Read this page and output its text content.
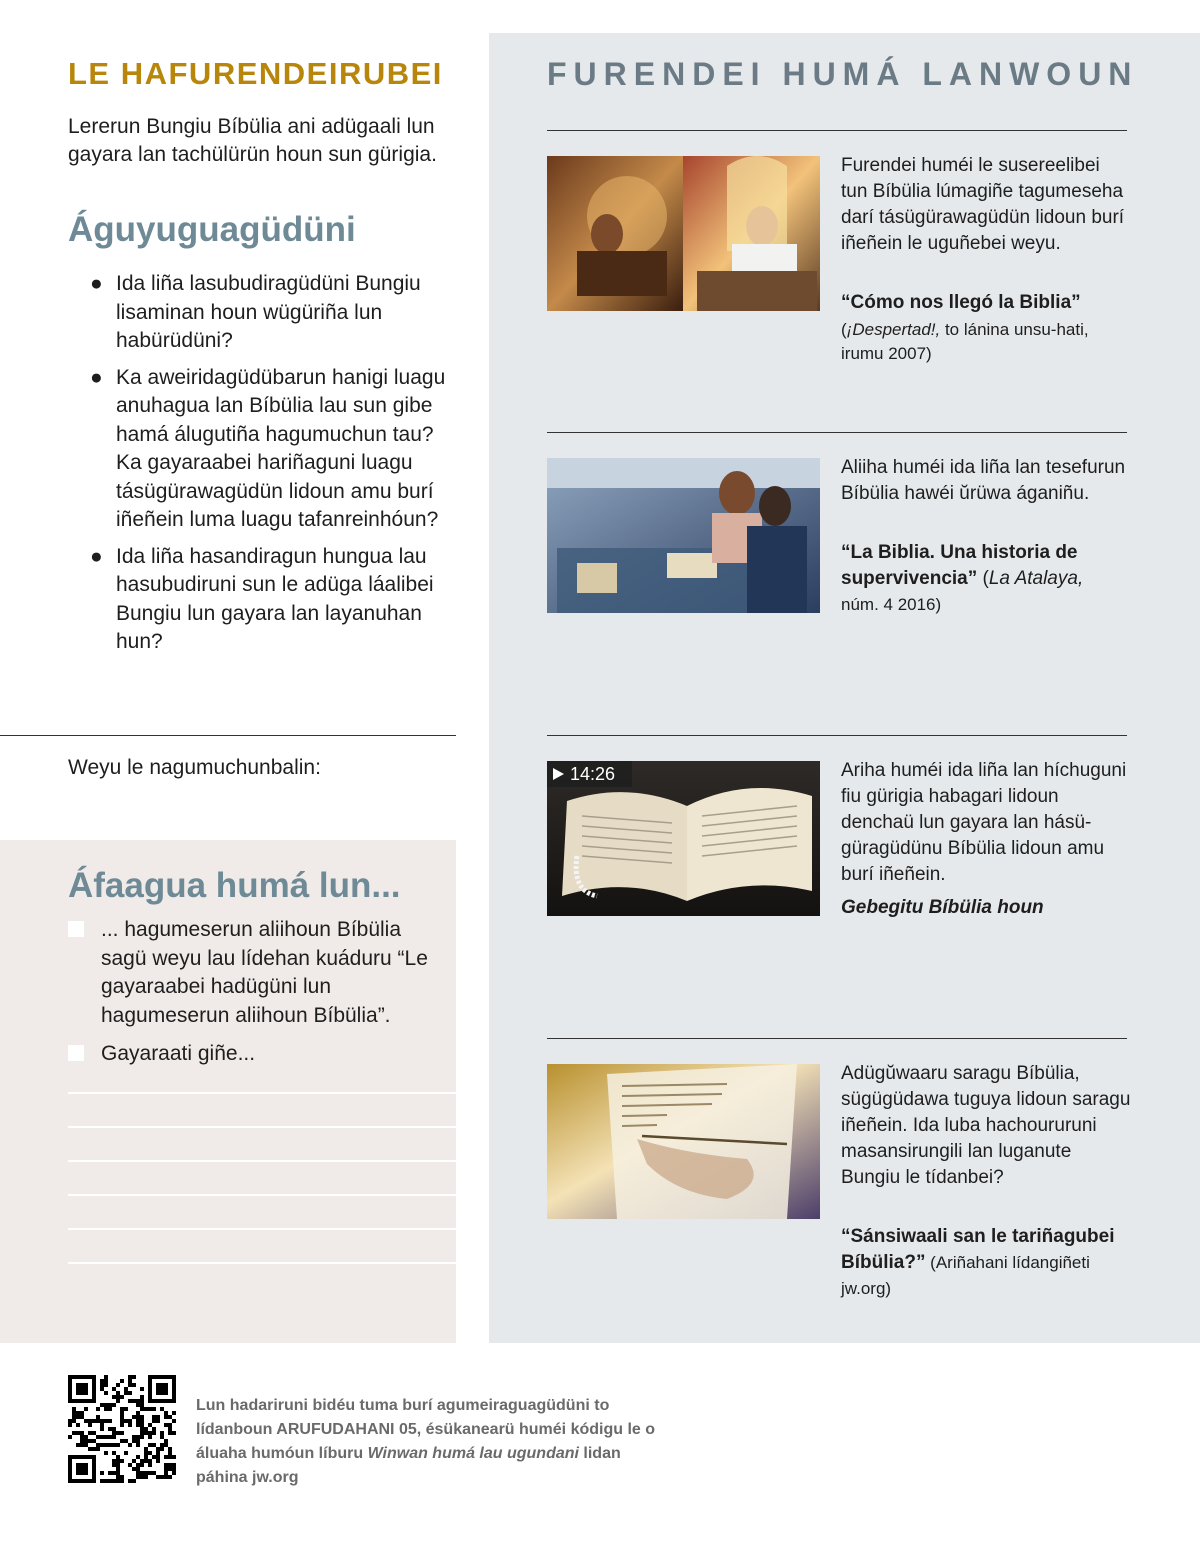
LE HAFURENDEIRUBEI

Lererun Bungiu Bíbülia ani adügaali lun gayara lan tachülürün houn sun gürigia.

Águyuguagüdüni
● Ida liña lasubudiragüdüni Bungiu lisaminan houn wügüriña lun habürüdüni?
● Ka aweiridagüdübarun hanigi luagu anuhagua lan Bíbülia lau sun gibe hamá álugutiña hagumuchun tau? Ka gayaraabei hariñaguni luagu tásügürawagüdün lidoun amu burí iñeñein luma luagu tafanreinhóun?
● Ida liña hasandiragun hungua lau hasubudiruni sun le adüga láalibei Bungiu lun gayara lan layanuhan hun?
Weyu le nagumuchunbalin:
Áfaagua humá lun...
... hagumeserun aliihoun Bíbülia sagü weyu lau lídehan kuáduru “Le gayaraabei hadügüni lun hagumeserun aliihoun Bíbülia”.
Gayaraati giñe...
FURENDEI HUMÁ LANWOUN

Furendei huméi le susereelibei tun Bíbülia lúmagiñe tagumeseha darí tásügürawagüdün lidoun burí iñeñein le uguñebei weyu.

“Cómo nos llegó la Biblia”
(¡Despertad!, to lánina unsu-hati, irumu 2007)

Aliiha huméi ida liña lan tesefurun Bíbülia hawéi ŭrüwa áganiñu.

“La Biblia. Una historia de supervivencia” (La Atalaya,
núm. 4 2016)
14:26	Ariha huméi ida liña lan híchuguni fiu gürigia habagari lidoun denchaü lun gayara lan hásügüragüdünu Bíbülia lidoun amu burí iñeñein.

Gebegitu Bíbülia houn

Adügŭwaaru saragu Bíbülia, sügügüdawa tuguya lidoun saragu iñeñein. Ida luba hachoururuni masansirungili lan luganute Bungiu le tídanbei?

“Sánsiwaali san le tariñagubei Bíbülia?” (Ariñahani lídangiñeti jw.org)

Lun hadariruni bidéu tuma burí agumeiraguagüdüni to lídanboun ARUFUDAHANI 05, ésükanearü huméi kódigu le o áluaha humóun líburu Winwan humá lau ugundani lidan páhina jw.org
